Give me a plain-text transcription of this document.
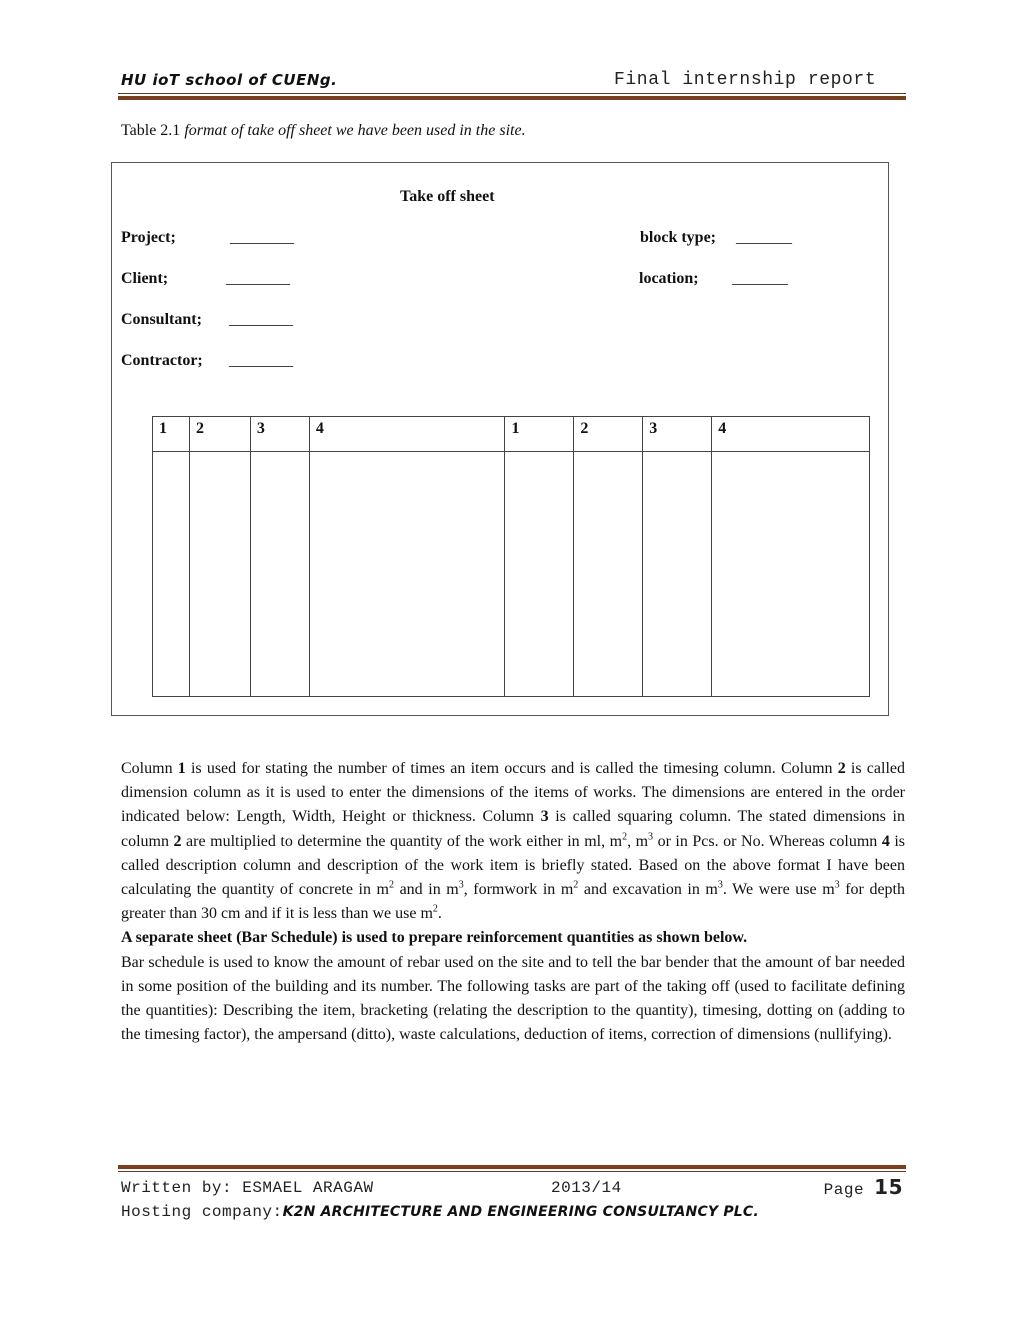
HU ioT school of CUENg.	Final internship report
Table 2.1 format of take off sheet we have been used in the site.
Take off sheet
Project;	________
Client;	________
Consultant; ________
Contractor; ________
block type; _______
location; _______
1	2	3	4	1	2	3	4

Column 1 is used for stating the number of times an item occurs and is called the timesing column. Column 2 is called dimension column as it is used to enter the dimensions of the items of works. The dimensions are entered in the order indicated below: Length, Width, Height or thickness. Column 3 is called squaring column. The stated dimensions in column 2 are multiplied to determine the quantity of the work either in ml, $m^2$, $m^3$ or in Pcs. or No. Whereas column 4 is called description column and description of the work item is briefly stated. Based on the above format I have been calculating the quantity of concrete in $m^2$ and in $m^3$, formwork in $m^2$ and excavation in $m^3$. We were use $m^3$ for depth greater than 30 cm and if it is less than we use $m^2$.

A separate sheet (Bar Schedule) is used to prepare reinforcement quantities as shown below.

Bar schedule is used to know the amount of rebar used on the site and to tell the bar bender that the amount of bar needed in some position of the building and its number. The following tasks are part of the taking off (used to facilitate defining the quantities): Describing the item, bracketing (relating the description to the quantity), timesing, dotting on (adding to the timesing factor), the ampersand (ditto), waste calculations, deduction of items, correction of dimensions (nullifying).

Written by: ESMAEL ARAGAW	2013/14	Page 15
Hosting company:K2N ARCHITECTURE AND ENGINEERING CONSULTANCY PLC.
